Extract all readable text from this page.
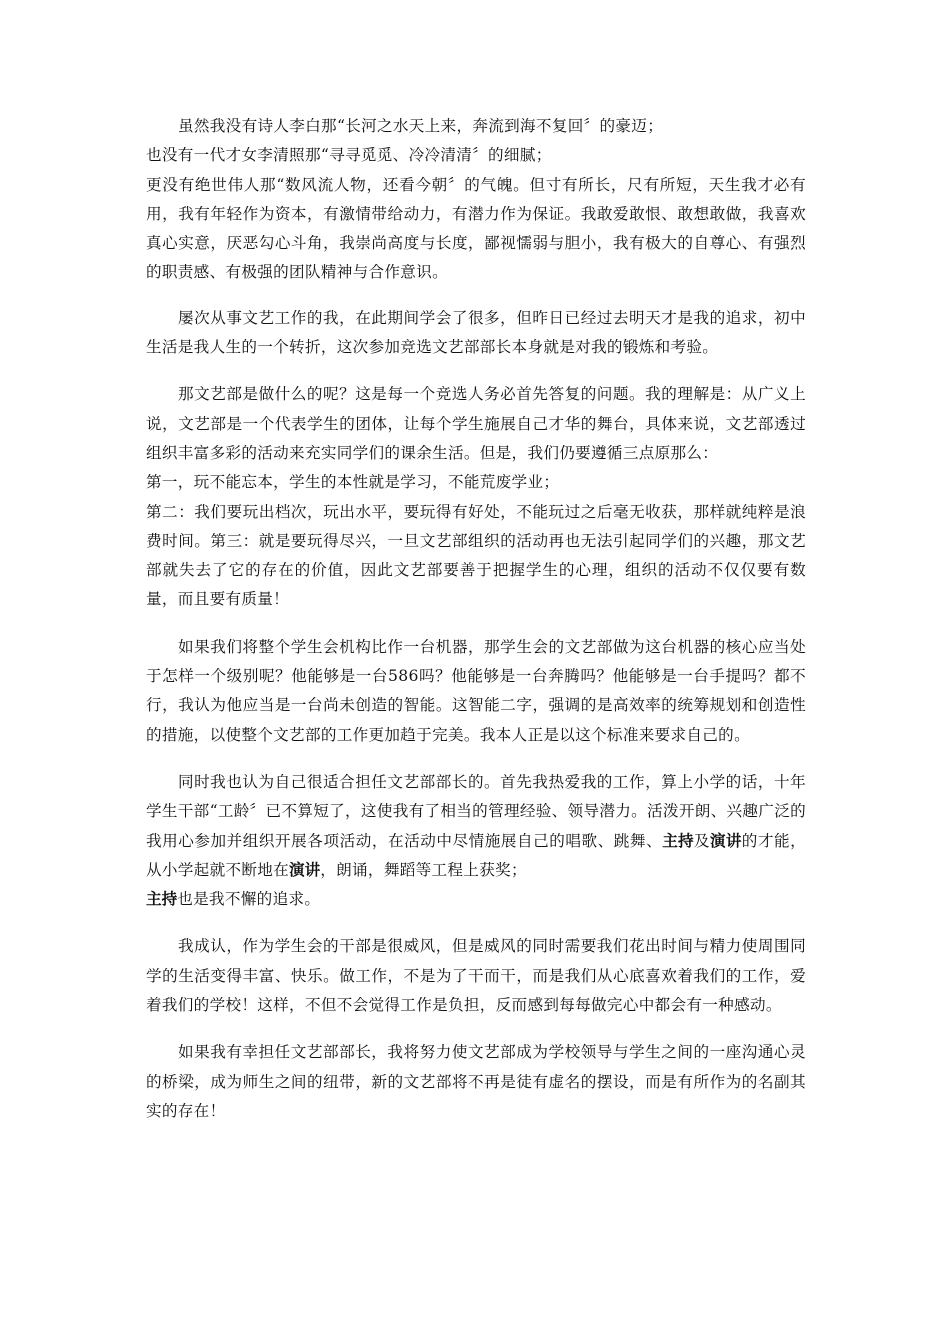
虽然我没有诗人李白那“长河之水天上来，奔流到海不复回〞的豪迈；
也没有一代才女李清照那“寻寻觅觅、冷冷清清〞的细腻；
更没有绝世伟人那“数风流人物，还看今朝〞的气魄。但寸有所长，尺有所短，天生我才必有用，我有年轻作为资本，有激情带给动力，有潜力作为保证。我敢爱敢恨、敢想敢做，我喜欢真心实意，厌恶勾心斗角，我崇尚高度与长度，鄙视懦弱与胆小，我有极大的自尊心、有强烈的职责感、有极强的团队精神与合作意识。

屡次从事文艺工作的我，在此期间学会了很多，但昨日已经过去明天才是我的追求，初中生活是我人生的一个转折，这次参加竞选文艺部部长本身就是对我的锻炼和考验。

那文艺部是做什么的呢？这是每一个竞选人务必首先答复的问题。我的理解是：从广义上说，文艺部是一个代表学生的团体，让每个学生施展自己才华的舞台，具体来说，文艺部透过组织丰富多彩的活动来充实同学们的课余生活。但是，我们仍要遵循三点原那么：
第一，玩不能忘本，学生的本性就是学习，不能荒废学业；
第二：我们要玩出档次，玩出水平，要玩得有好处，不能玩过之后毫无收获，那样就纯粹是浪费时间。第三：就是要玩得尽兴，一旦文艺部组织的活动再也无法引起同学们的兴趣，那文艺部就失去了它的存在的价值，因此文艺部要善于把握学生的心理，组织的活动不仅仅要有数量，而且要有质量！

如果我们将整个学生会机构比作一台机器，那学生会的文艺部做为这台机器的核心应当处于怎样一个级别呢？他能够是一台586吗？他能够是一台奔腾吗？他能够是一台手提吗？都不行，我认为他应当是一台尚未创造的智能。这智能二字，强调的是高效率的统筹规划和创造性的措施，以使整个文艺部的工作更加趋于完美。我本人正是以这个标准来要求自己的。

同时我也认为自己很适合担任文艺部部长的。首先我热爱我的工作，算上小学的话，十年学生干部“工龄〞已不算短了，这使我有了相当的管理经验、领导潜力。活泼开朗、兴趣广泛的我用心参加并组织开展各项活动，在活动中尽情施展自己的唱歌、跳舞、主持及演讲的才能，从小学起就不断地在演讲，朗诵，舞蹈等工程上获奖；
主持也是我不懈的追求。

我成认，作为学生会的干部是很威风，但是威风的同时需要我们花出时间与精力使周围同学的生活变得丰富、快乐。做工作，不是为了干而干，而是我们从心底喜欢着我们的工作，爱着我们的学校！这样，不但不会觉得工作是负担，反而感到每每做完心中都会有一种感动。

如果我有幸担任文艺部部长，我将努力使文艺部成为学校领导与学生之间的一座沟通心灵的桥梁，成为师生之间的纽带，新的文艺部将不再是徒有虚名的摆设，而是有所作为的名副其实的存在！
